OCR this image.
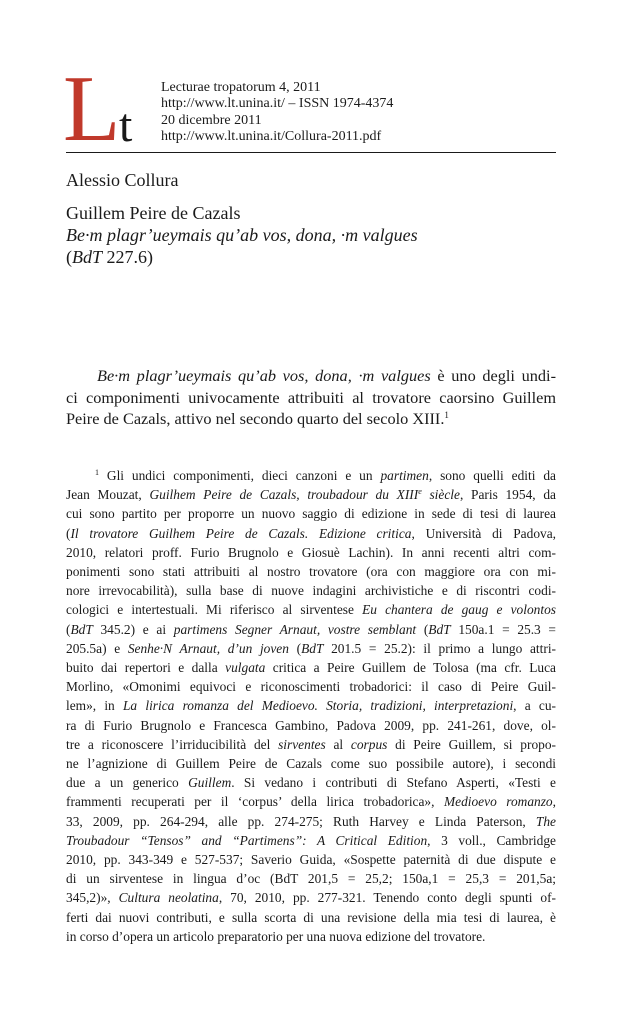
L
t
Lecturae tropatorum 4, 2011
http://www.lt.unina.it/ – ISSN 1974-4374
20 dicembre 2011
http://www.lt.unina.it/Collura-2011.pdf
Alessio Collura
Guillem Peire de Cazals
Be·m plagr’ueymais qu’ab vos, dona, ·m valgues
(BdT 227.6)
Be·m plagr’ueymais qu’ab vos, dona, ·m valgues è uno degli undi-
ci componimenti univocamente attribuiti al trovatore caorsino Guillem
Peire de Cazals, attivo nel secondo quarto del secolo XIII.$^1$
$^1$ Gli undici componimenti, dieci canzoni e un partimen, sono quelli editi da
Jean Mouzat, Guilhem Peire de Cazals, troubadour du XIIIe siècle, Paris 1954, da
cui sono partito per proporre un nuovo saggio di edizione in sede di tesi di laurea
(Il trovatore Guilhem Peire de Cazals. Edizione critica, Università di Padova,
2010, relatori proff. Furio Brugnolo e Giosuè Lachin). In anni recenti altri com-
ponimenti sono stati attribuiti al nostro trovatore (ora con maggiore ora con mi-
nore irrevocabilità), sulla base di nuove indagini archivistiche e di riscontri codi-
cologici e intertestuali. Mi riferisco al sirventese Eu chantera de gaug e volontos
(BdT 345.2) e ai partimens Segner Arnaut, vostre semblant (BdT 150a.1 = 25.3 =
205.5a) e Senhe·N Arnaut, d’un joven (BdT 201.5 = 25.2): il primo a lungo attri-
buito dai repertori e dalla vulgata critica a Peire Guillem de Tolosa (ma cfr. Luca
Morlino, «Omonimi equivoci e riconoscimenti trobadorici: il caso di Peire Guil-
lem», in La lirica romanza del Medioevo. Storia, tradizioni, interpretazioni, a cu-
ra di Furio Brugnolo e Francesca Gambino, Padova 2009, pp. 241-261, dove, ol-
tre a riconoscere l’irriducibilità del sirventes al corpus di Peire Guillem, si propo-
ne l’agnizione di Guillem Peire de Cazals come suo possibile autore), i secondi
due a un generico Guillem. Si vedano i contributi di Stefano Asperti, «Testi e
frammenti recuperati per il ‘corpus’ della lirica trobadorica», Medioevo romanzo,
33, 2009, pp. 264-294, alle pp. 274-275; Ruth Harvey e Linda Paterson, The
Troubadour “Tensos” and “Partimens”: A Critical Edition, 3 voll., Cambridge
2010, pp. 343-349 e 527-537; Saverio Guida, «Sospette paternità di due dispute e
di un sirventese in lingua d’oc (BdT 201,5 = 25,2; 150a,1 = 25,3 = 201,5a;
345,2)», Cultura neolatina, 70, 2010, pp. 277-321. Tenendo conto degli spunti of-
ferti dai nuovi contributi, e sulla scorta di una revisione della mia tesi di laurea, è
in corso d’opera un articolo preparatorio per una nuova edizione del trovatore.
